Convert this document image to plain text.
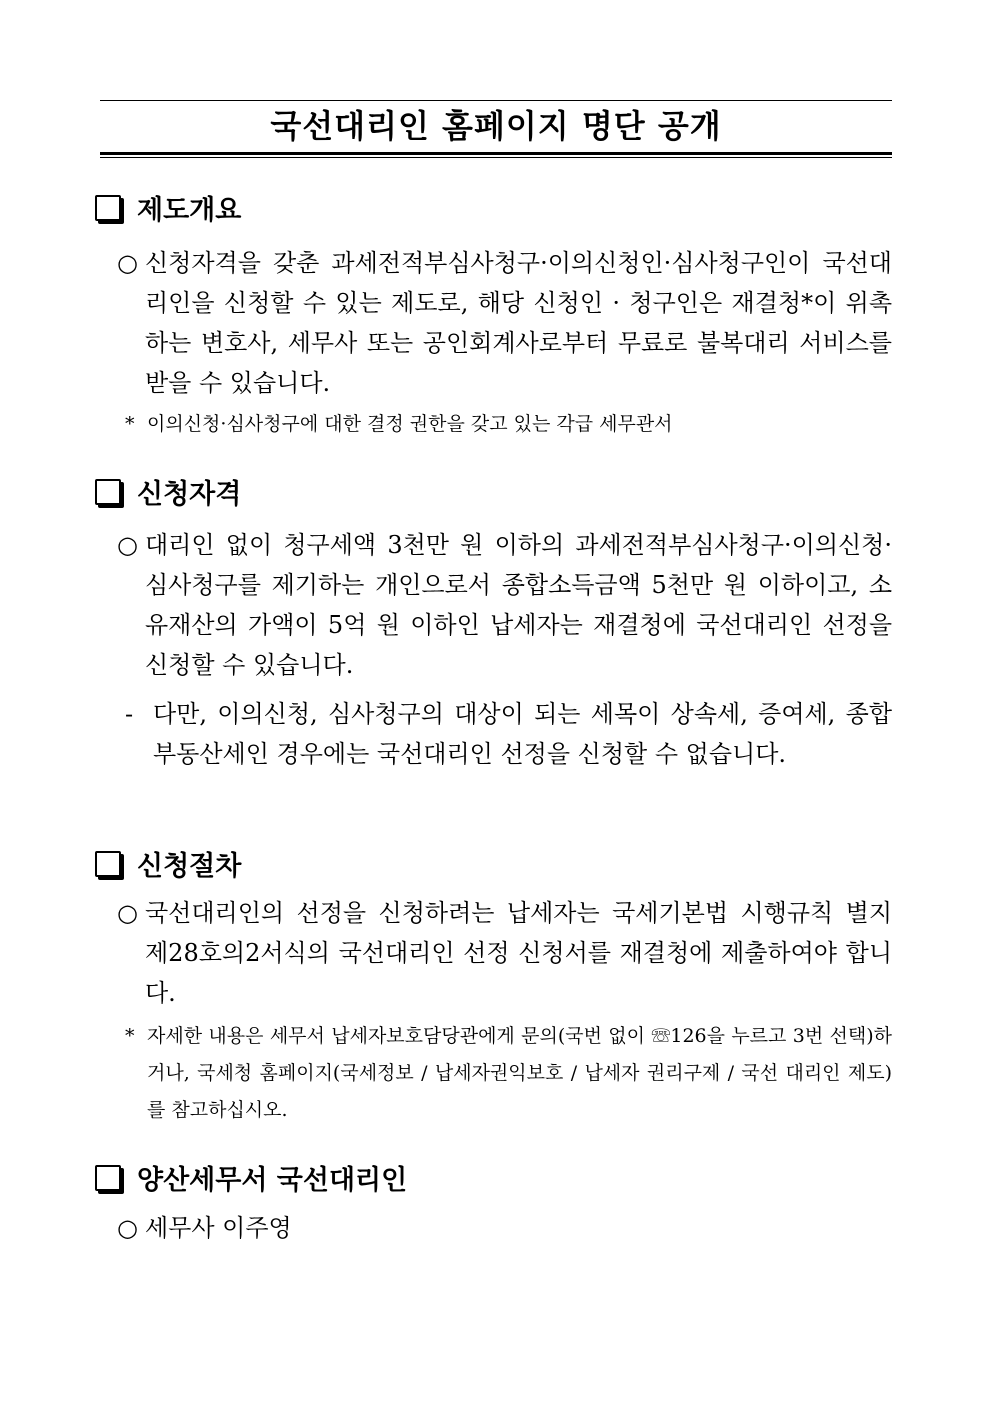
국선대리인 홈페이지 명단 공개
제도개요
○ 신청자격을 갖춘 과세전적부심사청구·이의신청인·심사청구인이 국선대리인을 신청할 수 있는 제도로, 해당 신청인 · 청구인은 재결청*이 위촉하는 변호사, 세무사 또는 공인회계사로부터 무료로 불복대리 서비스를 받을 수 있습니다.
* 이의신청·심사청구에 대한 결정 권한을 갖고 있는 각급 세무관서
신청자격
○ 대리인 없이 청구세액 3천만 원 이하의 과세전적부심사청구·이의신청·심사청구를 제기하는 개인으로서 종합소득금액 5천만 원 이하이고, 소유재산의 가액이 5억 원 이하인 납세자는 재결청에 국선대리인 선정을 신청할 수 있습니다.
- 다만, 이의신청, 심사청구의 대상이 되는 세목이 상속세, 증여세, 종합부동산세인 경우에는 국선대리인 선정을 신청할 수 없습니다.
신청절차
○ 국선대리인의 선정을 신청하려는 납세자는 국세기본법 시행규칙 별지 제28호의2서식의 국선대리인 선정 신청서를 재결청에 제출하여야 합니다.
* 자세한 내용은 세무서 납세자보호담당관에게 문의(국번 없이 ☏126을 누르고 3번 선택)하거나, 국세청 홈페이지(국세정보 / 납세자권익보호 / 납세자 권리구제 / 국선 대리인 제도)를 참고하십시오.
양산세무서 국선대리인
○ 세무사 이주영
